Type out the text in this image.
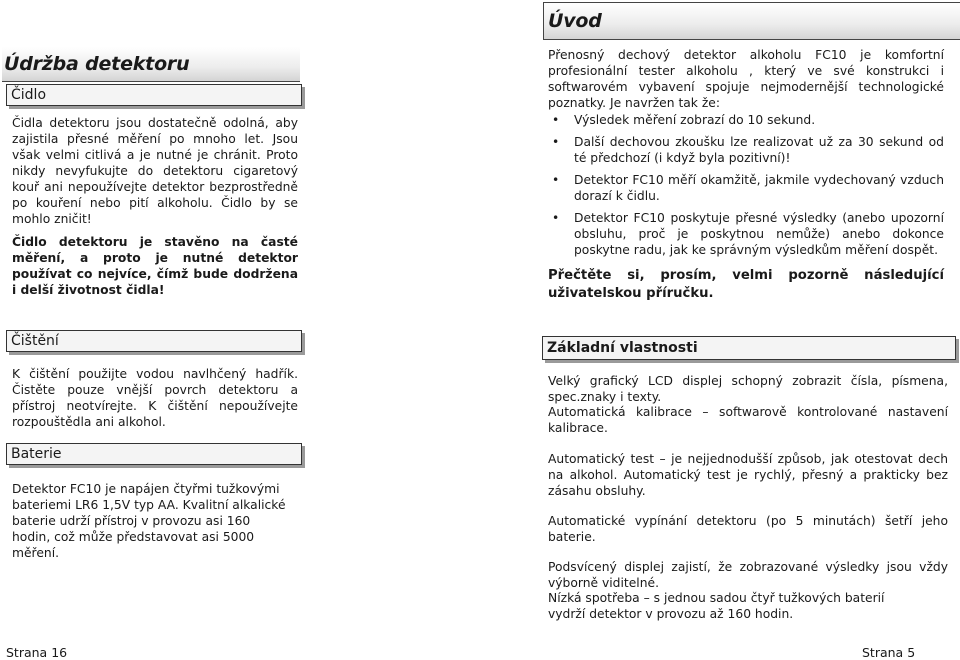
Údržba detektoru
Čidlo
Čidla detektoru jsou dostatečně odolná, aby zajistila přesné měření po mnoho let. Jsou však velmi citlivá a je nutné je chránit. Proto nikdy nevyfukujte do detektoru cigaretový kouř ani nepoužívejte detektor bezprostředně po kouření nebo pití alkoholu. Čidlo by se mohlo zničit!
Čidlo detektoru je stavěno na časté měření, a proto je nutné detektor používat co nejvíce, čímž bude dodržena i delší životnost čidla!
Čištění
K čištění použijte vodou navlhčený hadřík. Čistěte pouze vnější povrch detektoru a přístroj neotvírejte. K čištění nepoužívejte rozpouštědla ani alkohol.
Baterie
Detektor FC10 je napájen čtyřmi tužkovými bateriemi LR6 1,5V typ AA. Kvalitní alkalické baterie udrží přístroj v provozu asi 160 hodin, což může představovat asi 5000 měření.
Strana 16
Úvod
Přenosný dechový detektor alkoholu FC10 je komfortní profesionální tester alkoholu , který ve své konstrukci i softwarovém vybavení spojuje nejmodernější technologické poznatky. Je navržen tak že:
• Výsledek měření zobrazí do 10 sekund.
• Další dechovou zkoušku lze realizovat už za 30 sekund od té předchozí (i když byla pozitivní)!
• Detektor FC10 měří okamžitě, jakmile vydechovaný vzduch dorazí k čidlu.
• Detektor FC10 poskytuje přesné výsledky (anebo upozorní obsluhu, proč je poskytnou nemůže) anebo dokonce poskytne radu, jak ke správným výsledkům měření dospět.
Přečtěte si, prosím, velmi pozorně následující uživatelskou příručku.
Základní vlastnosti
Velký grafický LCD displej schopný zobrazit čísla, písmena, spec.znaky i texty.
Automatická kalibrace – softwarově kontrolované nastavení kalibrace.
Automatický test – je nejjednodušší způsob, jak otestovat dech na alkohol. Automatický test je rychlý, přesný a prakticky bez zásahu obsluhy.
Automatické vypínání detektoru (po 5 minutách) šetří jeho baterie.
Podsvícený displej zajistí, že zobrazované výsledky jsou vždy výborně viditelné.
Nízká spotřeba – s jednou sadou čtyř tužkových baterií vydrží detektor v provozu až 160 hodin.
Strana 5
